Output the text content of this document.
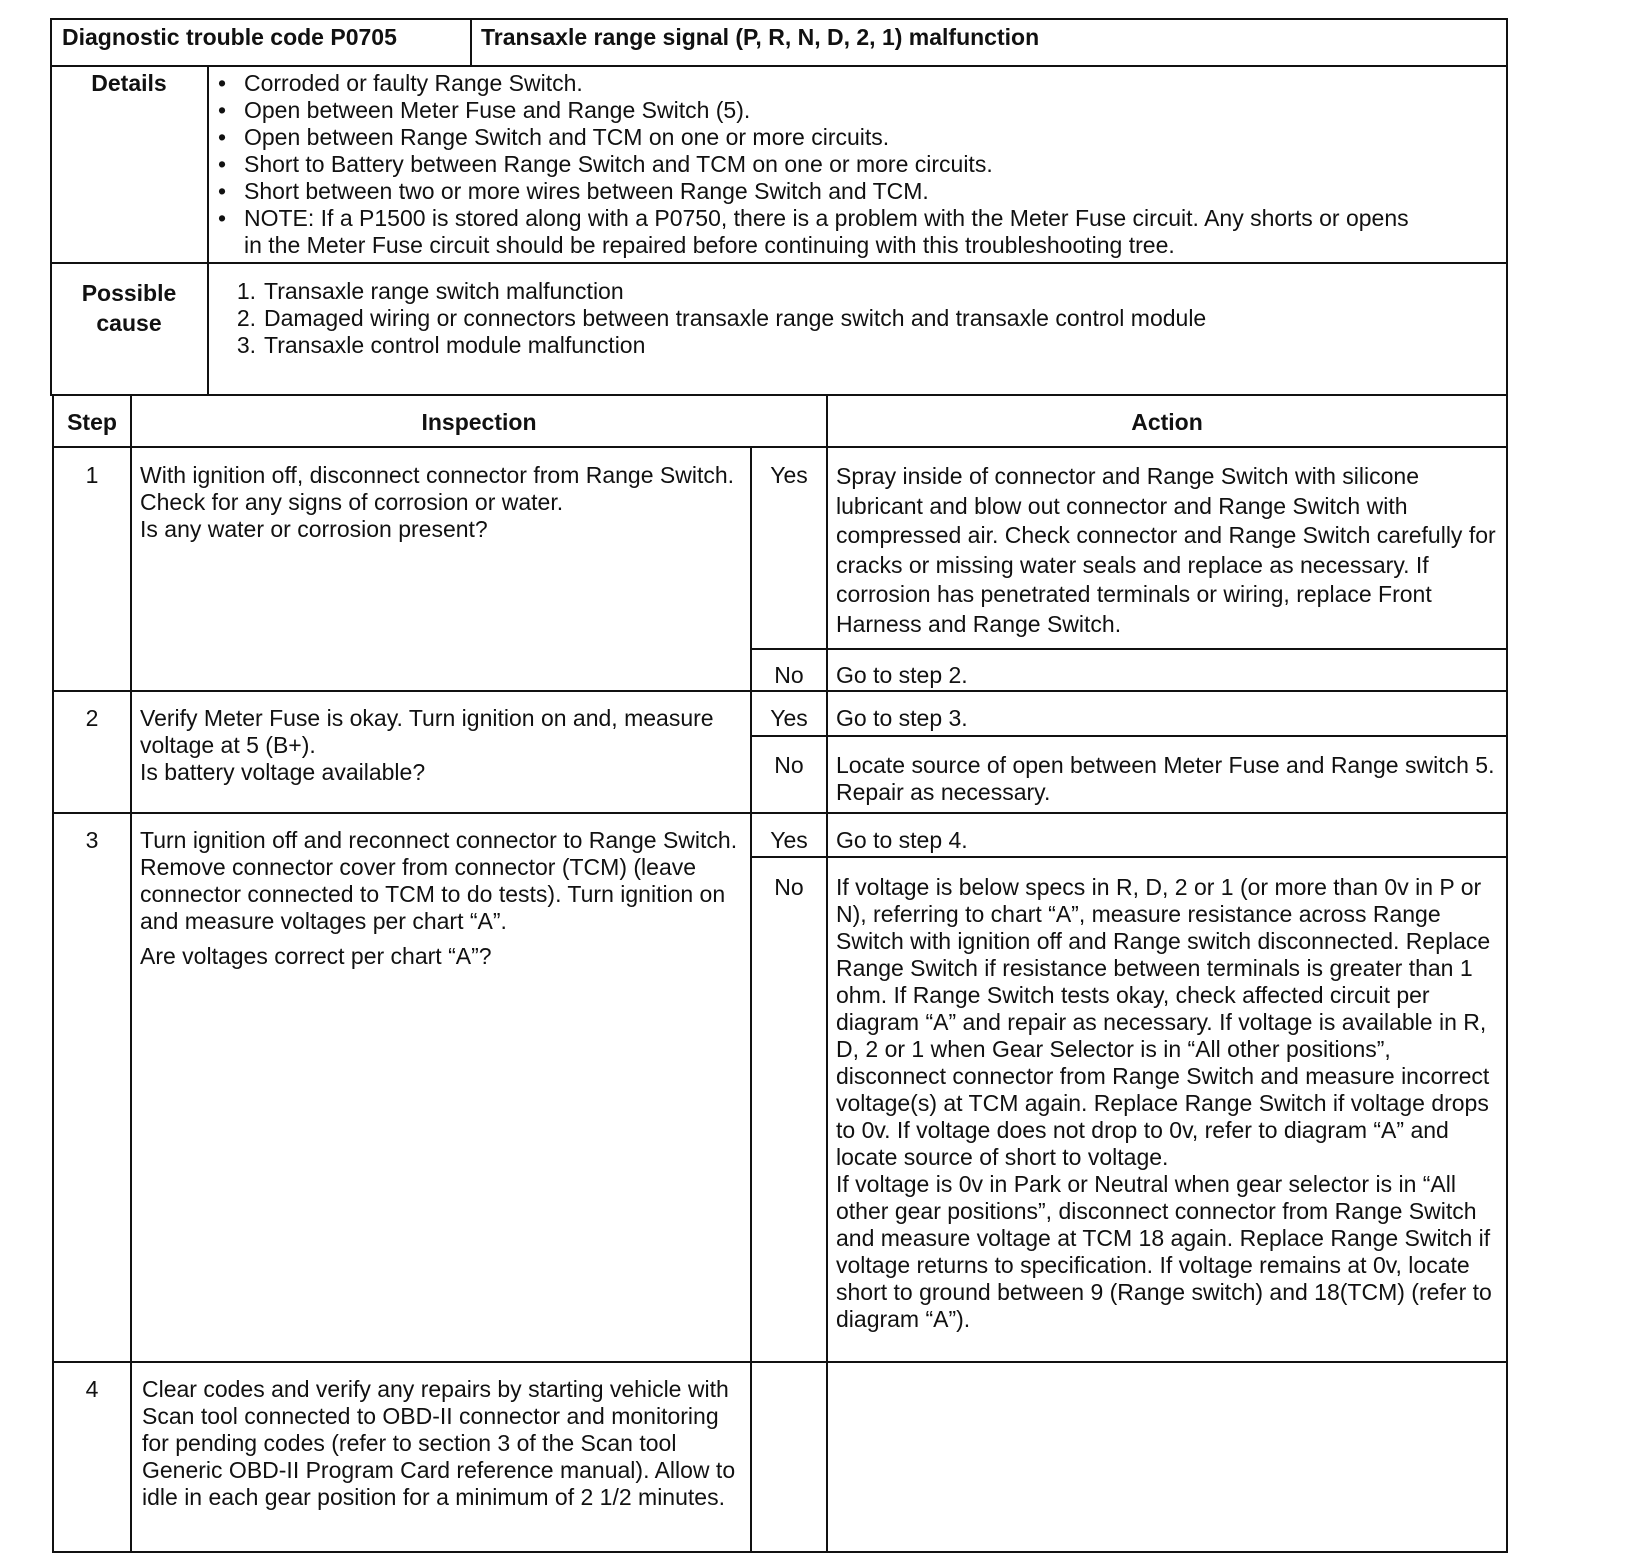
Diagnostic trouble code P0705	Transaxle range signal (P, R, N, D, 2, 1) malfunction
Details
•	Corroded or faulty Range Switch.
• Open between Meter Fuse and Range Switch (5).
• Open between Range Switch and TCM on one or more circuits.
• Short to Battery between Range Switch and TCM on one or more circuits.
• Short between two or more wires between Range Switch and TCM.
• NOTE: If a P1500 is stored along with a P0750, there is a problem with the Meter Fuse circuit. Any shorts or opens in the Meter Fuse circuit should be repaired before continuing with this troubleshooting tree.
Possible
cause
1. Transaxle range switch malfunction
2. Damaged wiring or connectors between transaxle range switch and transaxle control module
3. Transaxle control module malfunction
Step	Inspection	Action
1	With ignition off, disconnect connector from Range Switch. Check for any signs of corrosion or water.

Is any water or corrosion present?

Yes	Spray inside of connector and Range Switch with silicone lubricant and blow out connector and Range Switch with compressed air. Check connector and Range Switch carefully for cracks or missing water seals and replace as necessary. If corrosion has penetrated terminals or wiring, replace Front Harness and Range Switch.
No	Go to step 2.
2	Verify Meter Fuse is okay. Turn ignition on and, measure voltage at 5 (B+).

Is battery voltage available?

Yes	Go to step 3.
No	Locate source of open between Meter Fuse and Range switch 5. Repair as necessary.
3	Turn ignition off and reconnect connector to Range Switch. Remove connector cover from connector (TCM) (leave connector connected to TCM to do tests). Turn ignition on and measure voltages per chart “A”.

Are voltages correct per chart “A”?

Yes	Go to step 4.
No	If voltage is below specs in R, D, 2 or 1 (or more than 0v in P or N), referring to chart “A”, measure resistance across Range Switch with ignition off and Range switch disconnected. Replace Range Switch if resistance between terminals is greater than 1 ohm. If Range Switch tests okay, check affected circuit per diagram “A” and repair as necessary. If voltage is available in R, D, 2 or 1 when Gear Selector is in “All other positions”, disconnect connector from Range Switch and measure incorrect voltage(s) at TCM again. Replace Range Switch if voltage drops to 0v. If voltage does not drop to 0v, refer to diagram “A” and locate source of short to voltage.

If voltage is 0v in Park or Neutral when gear selector is in “All other gear positions”, disconnect connector from Range Switch and measure voltage at TCM 18 again. Replace Range Switch if voltage returns to specification. If voltage remains at 0v, locate short to ground between 9 (Range switch) and 18(TCM) (refer to diagram “A”).

4	Clear codes and verify any repairs by starting vehicle with Scan tool connected to OBD-II connector and monitoring for pending codes (refer to section 3 of the Scan tool Generic OBD-II Program Card reference manual). Allow to idle in each gear position for a minimum of 2 1/2 minutes.
